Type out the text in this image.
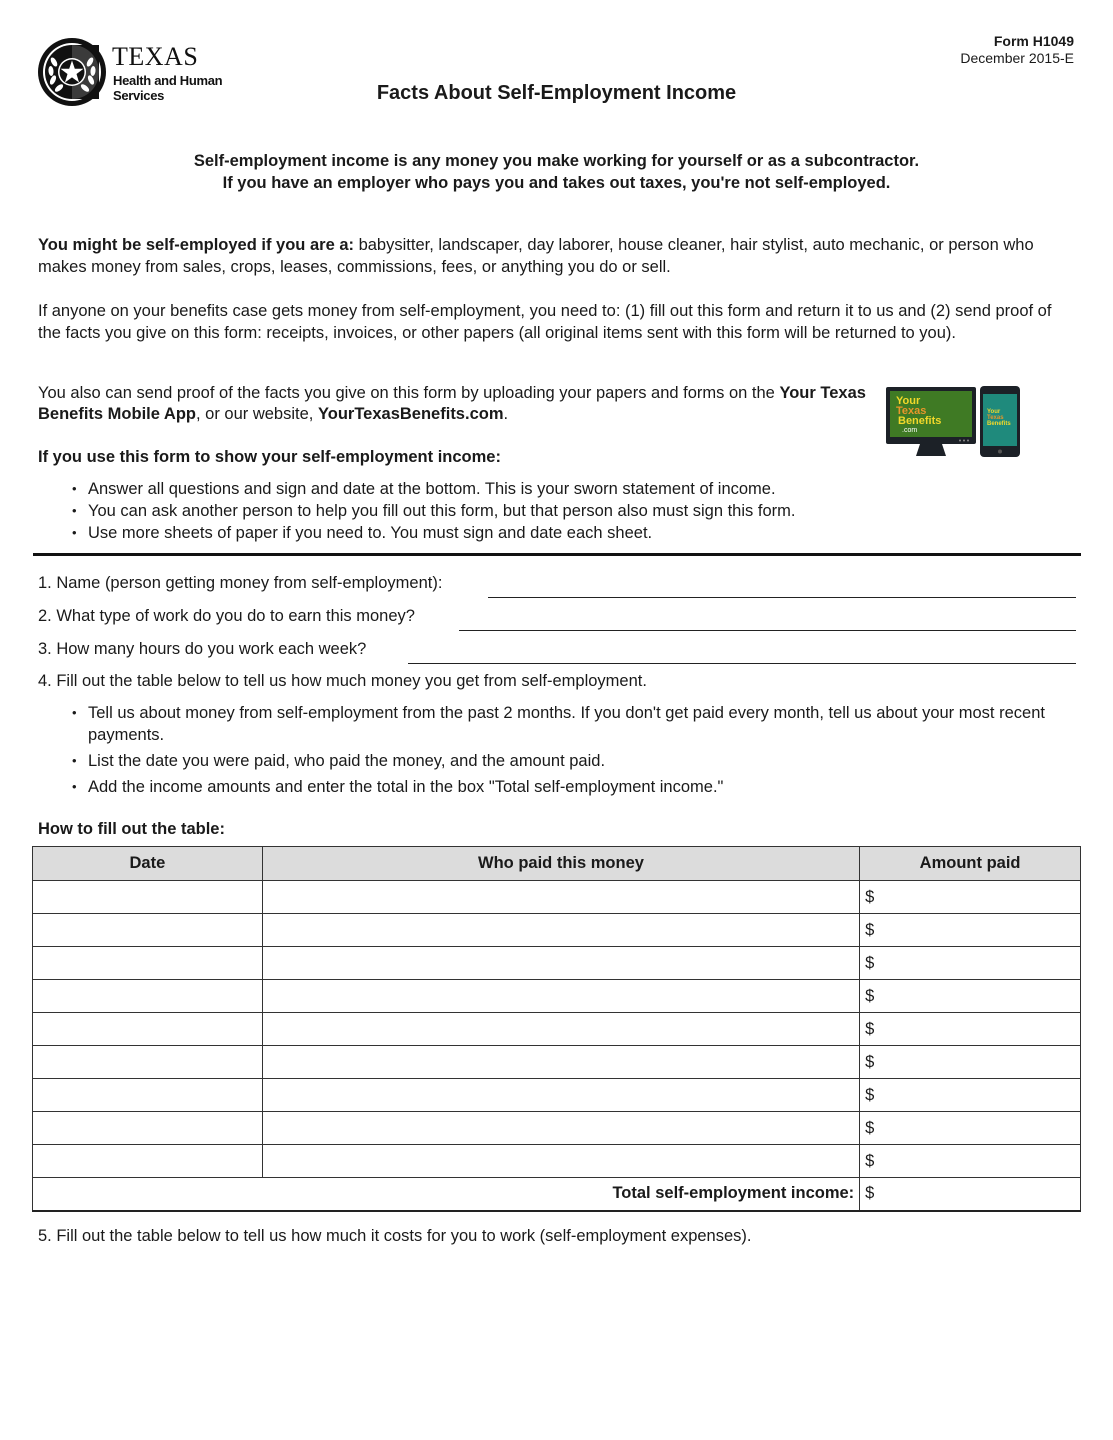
TEXAS
Health and Human
Services
Form H1049
December 2015-E
Facts About Self-Employment Income
Self-employment income is any money you make working for yourself or as a subcontractor.
If you have an employer who pays you and takes out taxes, you're not self-employed.
You might be self-employed if you are a: babysitter, landscaper, day laborer, house cleaner, hair stylist, auto mechanic, or person who makes money from sales, crops, leases, commissions, fees, or anything you do or sell.
If anyone on your benefits case gets money from self-employment, you need to: (1) fill out this form and return it to us and (2) send proof of the facts you give on this form: receipts, invoices, or other papers (all original items sent with this form will be returned to you).
You also can send proof of the facts you give on this form by uploading your papers and forms on the Your Texas Benefits Mobile App, or our website, YourTexasBenefits.com.
Your
Texas
Benefits
.com
Your
Texas
Benefits
If you use this form to show your self-employment income:
• Answer all questions and sign and date at the bottom. This is your sworn statement of income.
• You can ask another person to help you fill out this form, but that person also must sign this form.
• Use more sheets of paper if you need to. You must sign and date each sheet.
1. Name (person getting money from self-employment):
2. What type of work do you do to earn this money?
3. How many hours do you work each week?
4. Fill out the table below to tell us how much money you get from self-employment.
• Tell us about money from self-employment from the past 2 months. If you don't get paid every month, tell us about your most recent payments.
• List the date you were paid, who paid the money, and the amount paid.
• Add the income amounts and enter the total in the box "Total self-employment income."
How to fill out the table:
Date	Who paid this money	Amount paid
		$
		$
		$
		$
		$
		$
		$
		$
		$
Total self-employment income:		$
5. Fill out the table below to tell us how much it costs for you to work (self-employment expenses).
